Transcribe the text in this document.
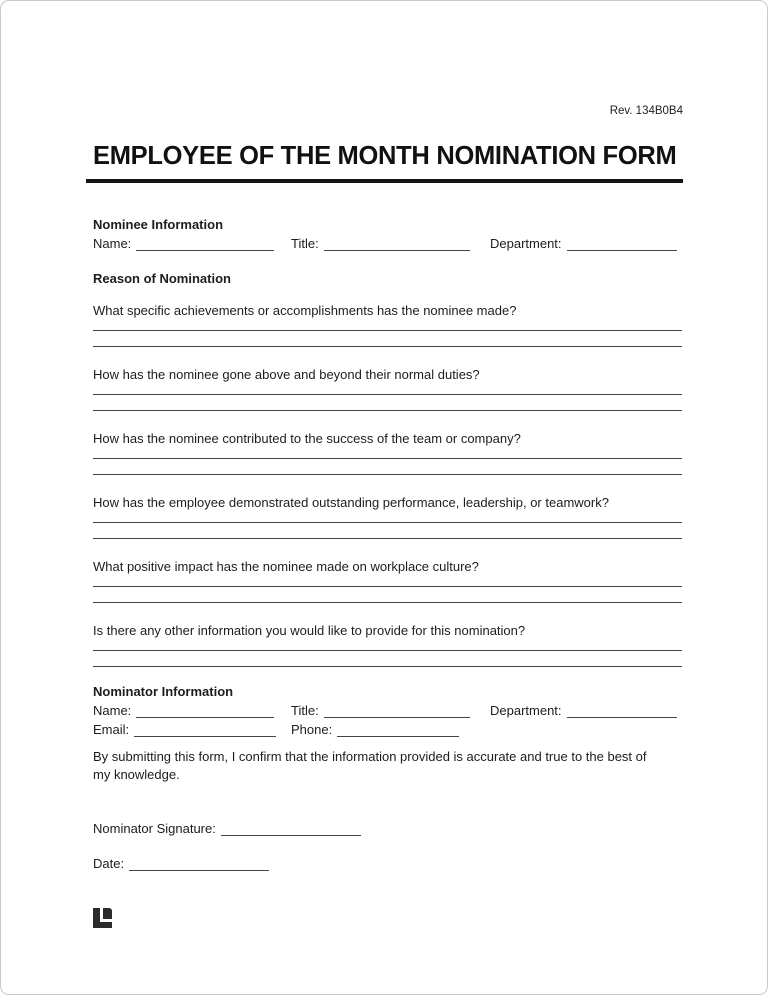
Rev. 134B0B4
EMPLOYEE OF THE MONTH NOMINATION FORM
Nominee Information
Name:	Title:	Department:
Reason of Nomination
What specific achievements or accomplishments has the nominee made?
How has the nominee gone above and beyond their normal duties?
How has the nominee contributed to the success of the team or company?
How has the employee demonstrated outstanding performance, leadership, or teamwork?
What positive impact has the nominee made on workplace culture?
Is there any other information you would like to provide for this nomination?
Nominator Information
Name:	Title:	Department:
Email:	Phone:

By submitting this form, I confirm that the information provided is accurate and true to the best of my knowledge.

Nominator Signature:
Date:
